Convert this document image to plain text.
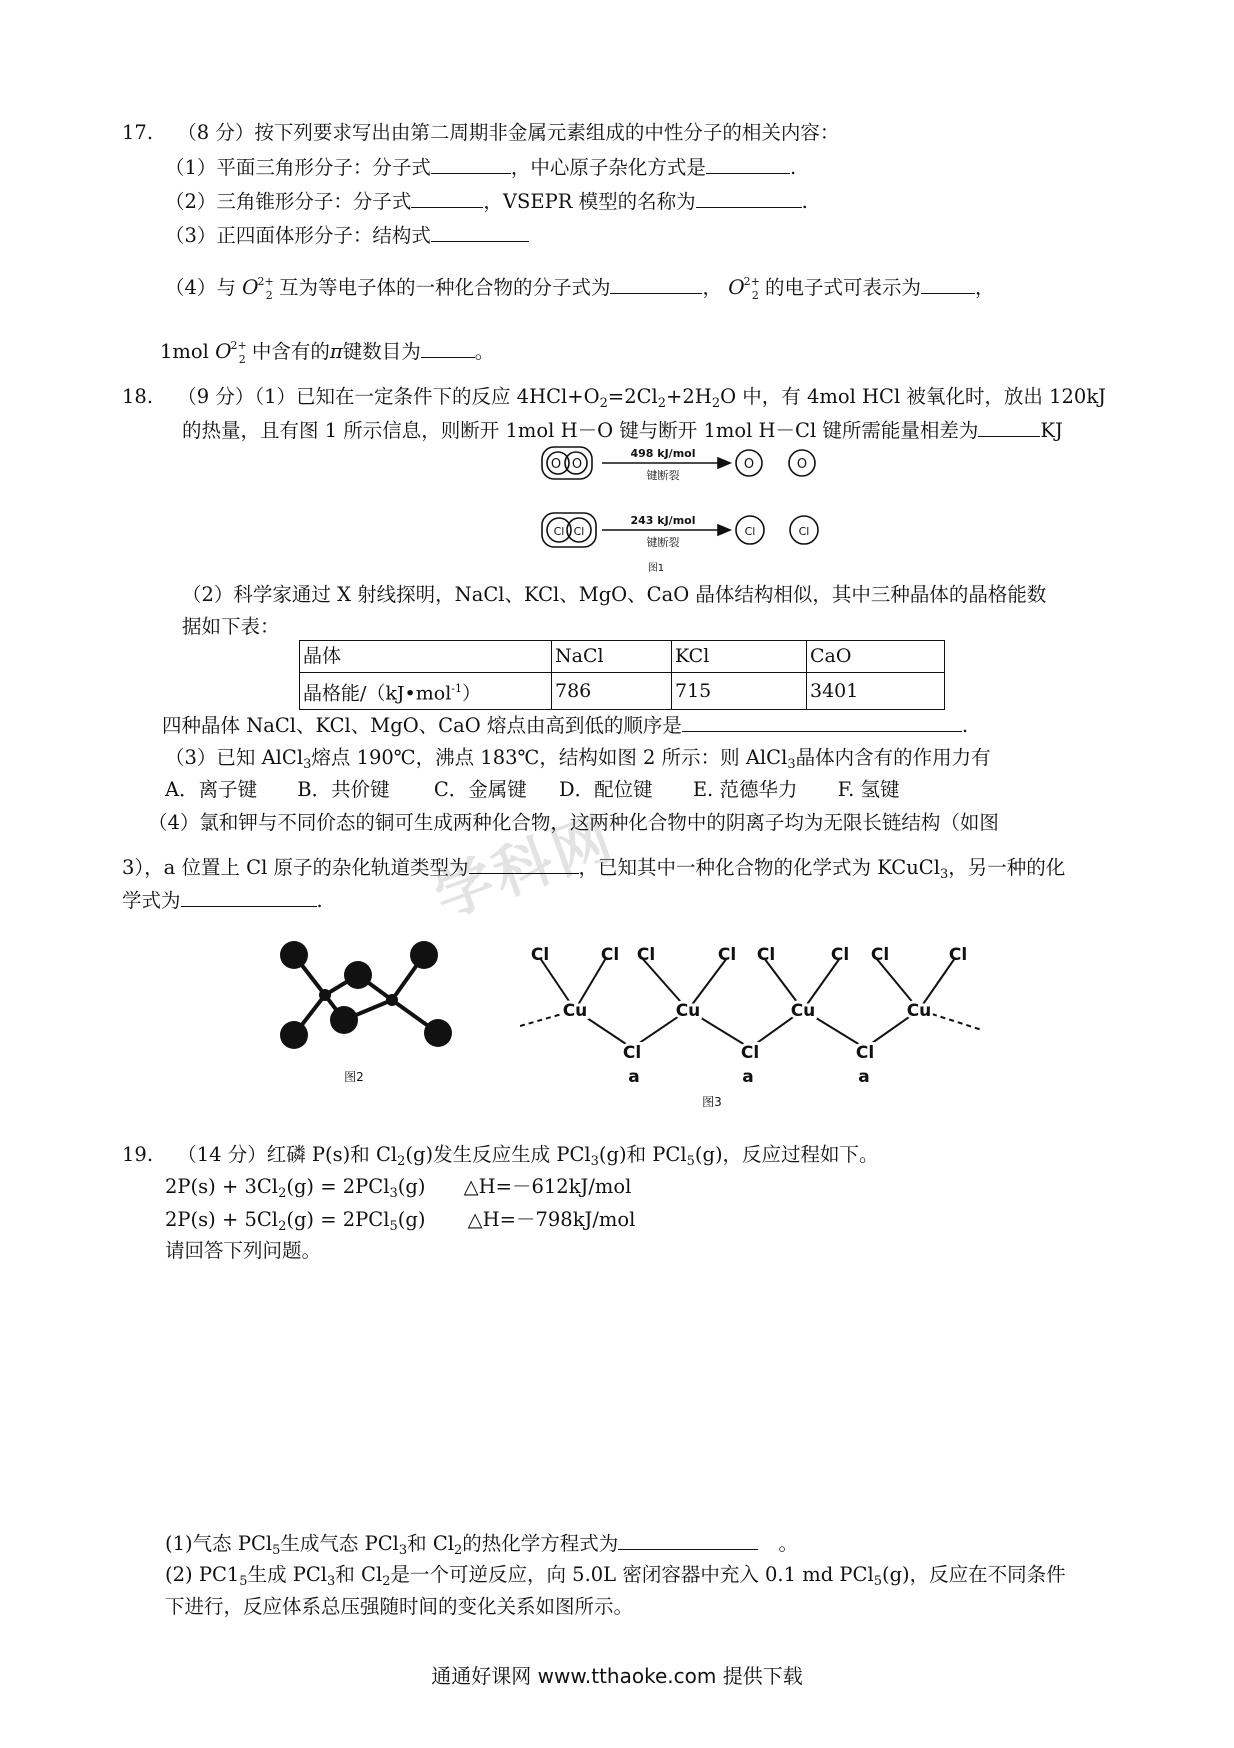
学科网
17. （8 分）按下列要求写出由第二周期非金属元素组成的中性分子的相关内容：
（1）平面三角形分子：分子式	，中心原子杂化方式是	.
（2）三角锥形分子：分子式	，VSEPR 模型的名称为	.
（3）正四面体形分子：结构式
（4）与 $O^{2+}_2$ 互为等电子体的一种化合物的分子式为	， $O^{2+}_2$ 的电子式可表示为	，
1mol $O^{2+}_2$ 中含有的π键数目为	。
18. （9 分）（1）已知在一定条件下的反应 $4HCl+O_2=2Cl_2+2H_2O$ 中，有 4mol HCl 被氧化时，放出 120kJ
的热量，且有图 1 所示信息，则断开 1mol H－O 键与断开 1mol H－Cl 键所需能量相差为	KJ
O O	O	O
Cl Cl	Cl	Cl
498 kJ/mol
键断裂
243 kJ/mol
键断裂
图1
（2）科学家通过 X 射线探明，NaCl、KCl、MgO、CaO 晶体结构相似，其中三种晶体的晶格能数
据如下表：
晶体	NaCl	KCl	CaO
晶格能/（kJ•mol$^{-1}$）	786	715	3401
四种晶体 NaCl、KCl、MgO、CaO 熔点由高到低的顺序是	.
（3）已知 AlCl$_3$熔点 190℃，沸点 183℃，结构如图 2 所示：则 AlCl$_3$晶体内含有的作用力有
A．离子键 B．共价键 C．金属键 D．配位键 E. 范德华力 F. 氢键
（4）氯和钾与不同价态的铜可生成两种化合物，这两种化合物中的阴离子均为无限长链结构（如图
3），a 位置上 Cl 原子的杂化轨道类型为	，已知其中一种化合物的化学式为 KCuCl$_3$，另一种的化
学式为	.
图2
Cl	Cl Cl	Cl Cl	Cl Cl	Cl
Cu	Cu	Cu	Cu
Cl	Cl	Cl
a	a	a
图3
19. （14 分）红磷 P(s)和 $Cl_2(g)$发生反应生成 PCl$_3$(g)和 PCl$_5$(g)，反应过程如下。
$2P(s) + 3Cl_2(g) = 2PCl_3(g)$ △H=－612kJ/mol
$2P(s) + 5Cl_2(g) = 2PCl_5(g)$ △H=－798kJ/mol
请回答下列问题。
(1)气态 PCl$_5$生成气态 PCl$_3$和 $Cl_2$的热化学方程式为	。
(2) $PC1_5$生成 PCl$_3$和 $Cl_2$是一个可逆反应，向 5.0L 密闭容器中充入 0.1 md PCl$_5$(g)，反应在不同条件
下进行，反应体系总压强随时间的变化关系如图所示。
通通好课网 www.tthaoke.com 提供下载
